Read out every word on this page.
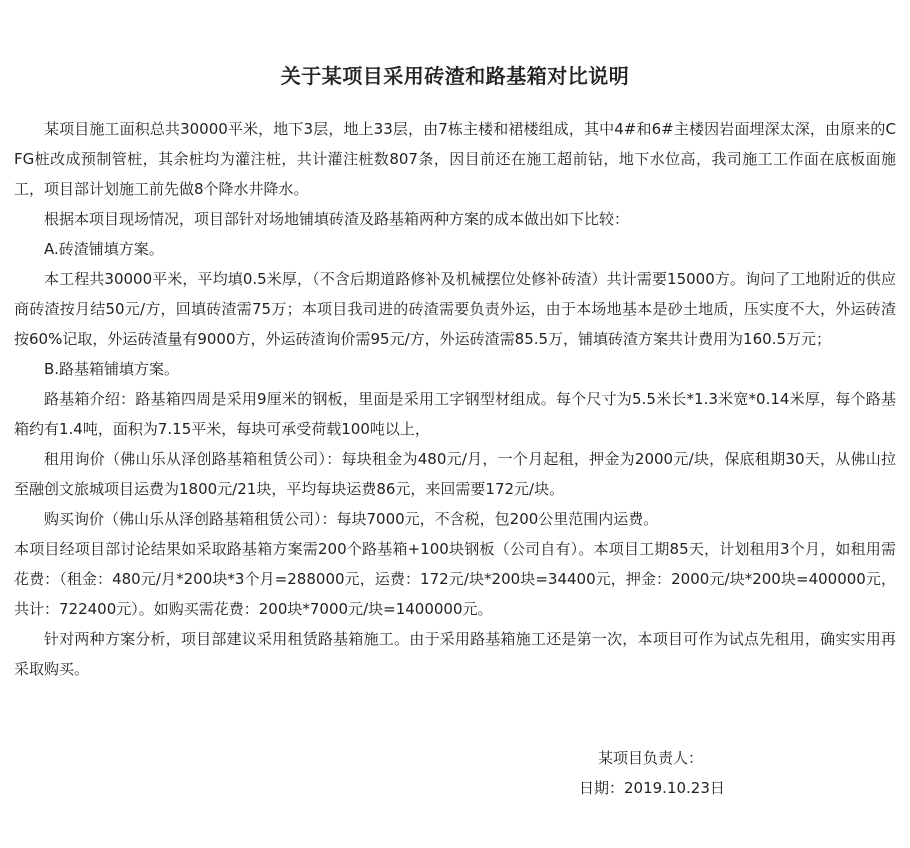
关于某项目采用砖渣和路基箱对比说明

某项目施工面积总共30000平米，地下3层，地上33层，由7栋主楼和裙楼组成，其中4#和6#主楼因岩面埋深太深，由原来的CFG桩改成预制管桩，其余桩均为灌注桩，共计灌注桩数807条，因目前还在施工超前钻，地下水位高，我司施工工作面在底板面施工，项目部计划施工前先做8个降水井降水。

根据本项目现场情况，项目部针对场地铺填砖渣及路基箱两种方案的成本做出如下比较：

A.砖渣铺填方案。

本工程共30000平米，平均填0.5米厚，（不含后期道路修补及机械摆位处修补砖渣）共计需要15000方。询问了工地附近的供应商砖渣按月结50元/方，回填砖渣需75万；本项目我司进的砖渣需要负责外运，由于本场地基本是砂土地质，压实度不大，外运砖渣按60%记取，外运砖渣量有9000方，外运砖渣询价需95元/方，外运砖渣需85.5万，铺填砖渣方案共计费用为160.5万元；

B.路基箱铺填方案。

路基箱介绍：路基箱四周是采用9厘米的钢板，里面是采用工字钢型材组成。每个尺寸为5.5米长*1.3米宽*0.14米厚，每个路基箱约有1.4吨，面积为7.15平米，每块可承受荷载100吨以上，

租用询价（佛山乐从泽创路基箱租赁公司）：每块租金为480元/月，一个月起租，押金为2000元/块，保底租期30天，从佛山拉至融创文旅城项目运费为1800元/21块，平均每块运费86元，来回需要172元/块。

购买询价（佛山乐从泽创路基箱租赁公司）：每块7000元，不含税，包200公里范围内运费。

本项目经项目部讨论结果如采取路基箱方案需200个路基箱+100块钢板（公司自有）。本项目工期85天，计划租用3个月，如租用需花费：（租金：480元/月*200块*3个月=288000元，运费：172元/块*200块=34400元，押金：2000元/块*200块=400000元，共计：722400元）。如购买需花费：200块*7000元/块=1400000元。

针对两种方案分析，项目部建议采用租赁路基箱施工。由于采用路基箱施工还是第一次，本项目可作为试点先租用，确实实用再采取购买。

某项目负责人：
日期：2019.10.23日
